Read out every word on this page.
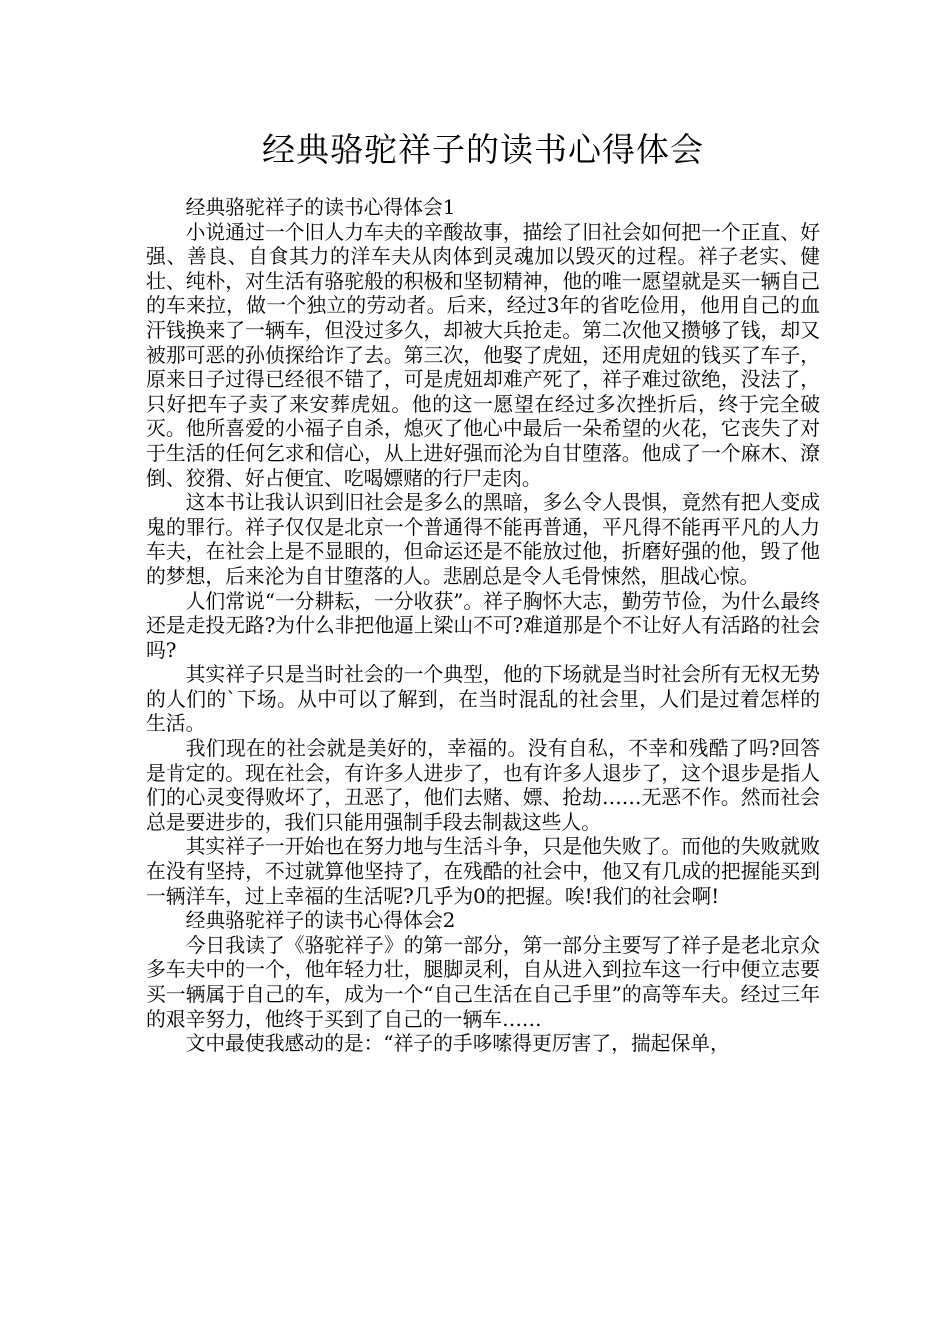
经典骆驼祥子的读书心得体会

经典骆驼祥子的读书心得体会1

小说通过一个旧人力车夫的辛酸故事，描绘了旧社会如何把一个正直、好强、善良、自食其力的洋车夫从肉体到灵魂加以毁灭的过程。祥子老实、健壮、纯朴，对生活有骆驼般的积极和坚韧精神，他的唯一愿望就是买一辆自己的车来拉，做一个独立的劳动者。后来，经过3年的省吃俭用，他用自己的血汗钱换来了一辆车，但没过多久，却被大兵抢走。第二次他又攒够了钱，却又被那可恶的孙侦探给诈了去。第三次，他娶了虎妞，还用虎妞的钱买了车子，原来日子过得已经很不错了，可是虎妞却难产死了，祥子难过欲绝，没法了，只好把车子卖了来安葬虎妞。他的这一愿望在经过多次挫折后，终于完全破灭。他所喜爱的小福子自杀，熄灭了他心中最后一朵希望的火花，它丧失了对于生活的任何乞求和信心，从上进好强而沦为自甘堕落。他成了一个麻木、潦倒、狡猾、好占便宜、吃喝嫖赌的行尸走肉。

这本书让我认识到旧社会是多么的黑暗，多么令人畏惧，竟然有把人变成鬼的罪行。祥子仅仅是北京一个普通得不能再普通，平凡得不能再平凡的人力车夫，在社会上是不显眼的，但命运还是不能放过他，折磨好强的他，毁了他的梦想，后来沦为自甘堕落的人。悲剧总是令人毛骨悚然，胆战心惊。

人们常说“一分耕耘，一分收获”。祥子胸怀大志，勤劳节俭，为什么最终还是走投无路?为什么非把他逼上梁山不可?难道那是个不让好人有活路的社会吗?

其实祥子只是当时社会的一个典型，他的下场就是当时社会所有无权无势的人们的`下场。从中可以了解到，在当时混乱的社会里，人们是过着怎样的生活。

我们现在的社会就是美好的，幸福的。没有自私，不幸和残酷了吗?回答是肯定的。现在社会，有许多人进步了，也有许多人退步了，这个退步是指人们的心灵变得败坏了，丑恶了，他们去赌、嫖、抢劫……无恶不作。然而社会总是要进步的，我们只能用强制手段去制裁这些人。

其实祥子一开始也在努力地与生活斗争，只是他失败了。而他的失败就败在没有坚持，不过就算他坚持了，在残酷的社会中，他又有几成的把握能买到一辆洋车，过上幸福的生活呢?几乎为0的把握。唉!我们的社会啊!

经典骆驼祥子的读书心得体会2

今日我读了《骆驼祥子》的第一部分，第一部分主要写了祥子是老北京众多车夫中的一个，他年轻力壮，腿脚灵利，自从进入到拉车这一行中便立志要买一辆属于自己的车，成为一个“自己生活在自己手里”的高等车夫。经过三年的艰辛努力，他终于买到了自己的一辆车……

文中最使我感动的是：“祥子的手哆嗦得更厉害了，揣起保单，
